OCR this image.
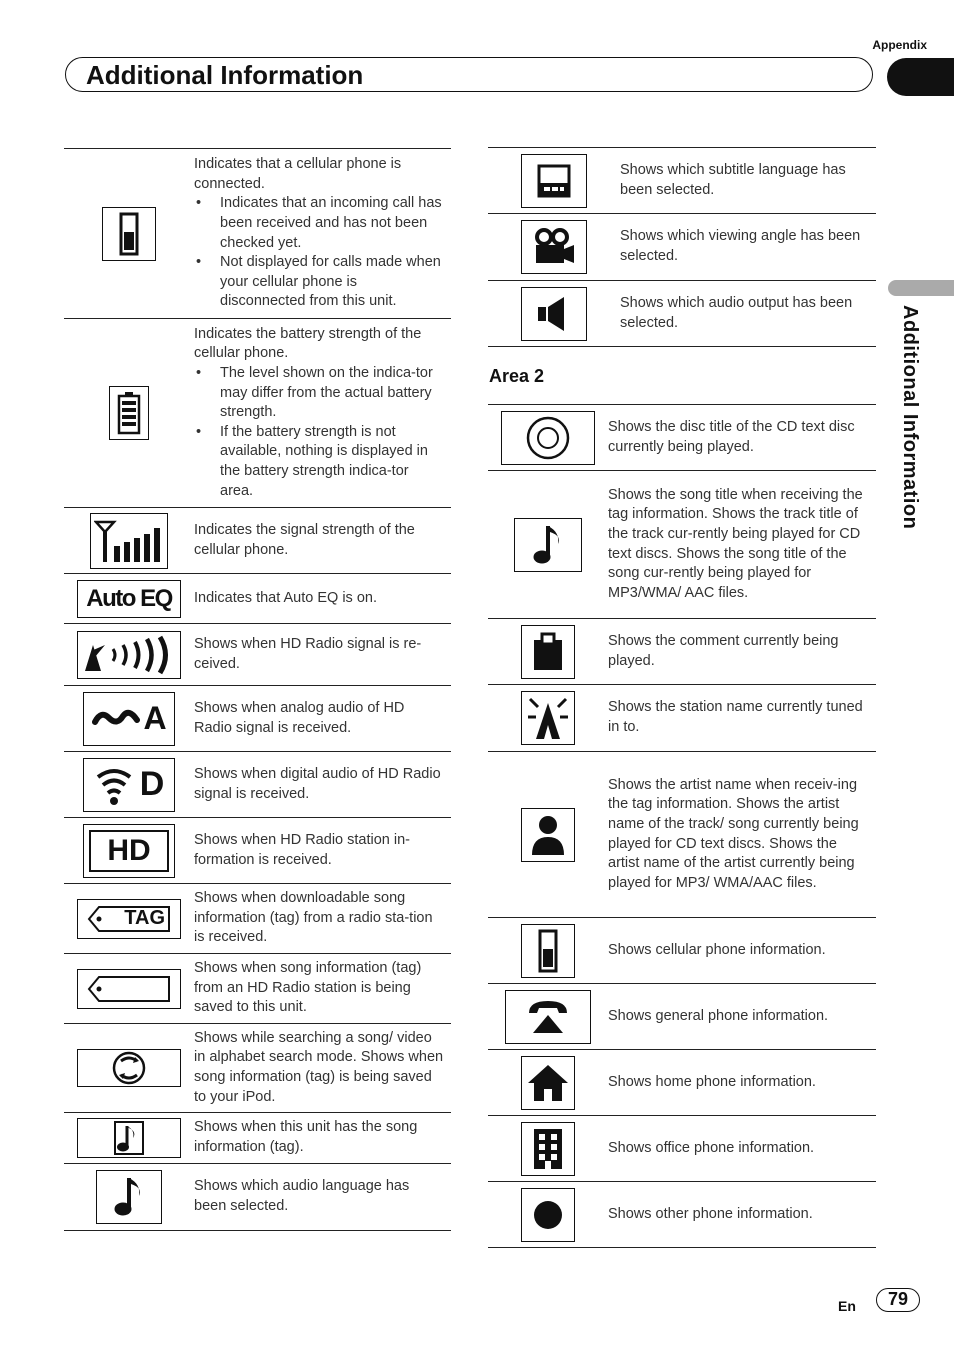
Appendix
Additional Information
Additional Information
Indicates that a cellular phone is connected.
• Indicates that an incoming call has been received and has not been checked yet.
• Not displayed for calls made when your cellular phone is disconnected from this unit.
Indicates the battery strength of the cellular phone.
• The level shown on the indica-tor may differ from the actual battery strength.
• If the battery strength is not available, nothing is displayed in the battery strength indica-tor area.
Indicates the signal strength of the cellular phone.
Auto EQ Indicates that Auto EQ is on.
Shows when HD Radio signal is re-ceived.
A Shows when analog audio of HD Radio signal is received.
D Shows when digital audio of HD Radio signal is received.
HD	Shows when HD Radio station in-formation is received.
TAG
Shows when downloadable song information (tag) from a radio sta-tion is received.
Shows when song information (tag) from an HD Radio station is being saved to this unit.
Shows while searching a song/ video in alphabet search mode. Shows when song information (tag) is being saved to your iPod.
Shows when this unit has the song information (tag).
Shows which audio language has been selected.
Shows which subtitle language has been selected.
Shows which viewing angle has been selected.
Shows which audio output has been selected.
Area 2
Shows the disc title of the CD text disc currently being played.
Shows the song title when receiving the tag information. Shows the track title of the track cur-rently being played for CD text discs. Shows the song title of the song cur-rently being played for MP3/WMA/ AAC files.
Shows the comment currently being played.
Shows the station name currently tuned in to.
Shows the artist name when receiv-ing the tag information. Shows the artist name of the track/ song currently being played for CD text discs. Shows the artist name of the artist currently being played for MP3/ WMA/AAC files.
Shows cellular phone information.
Shows general phone information.
Shows home phone information.
Shows office phone information.
Shows other phone information.
En	79
